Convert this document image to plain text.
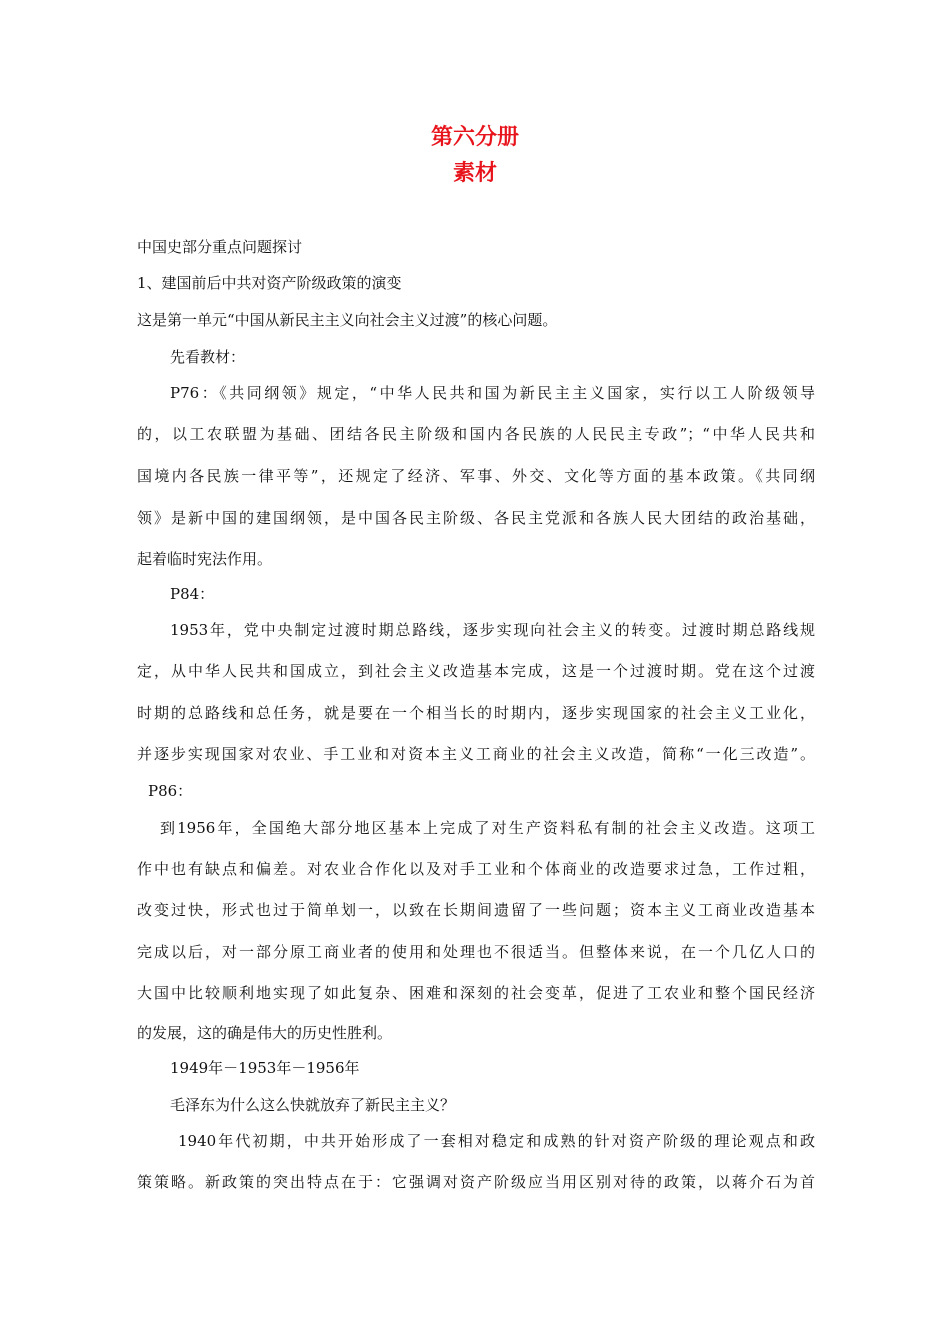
第六分册
素材
中国史部分重点问题探讨
1、建国前后中共对资产阶级政策的演变
这是第一单元“中国从新民主主义向社会主义过渡”的核心问题。
先看教材：
P76：《共同纲领》规定，“中华人民共和国为新民主主义国家，实行以工人阶级领导
的，以工农联盟为基础、团结各民主阶级和国内各民族的人民民主专政”；“中华人民共和
国境内各民族一律平等”，还规定了经济、军事、外交、文化等方面的基本政策。《共同纲
领》是新中国的建国纲领，是中国各民主阶级、各民主党派和各族人民大团结的政治基础，
起着临时宪法作用。
P84：
1953年，党中央制定过渡时期总路线，逐步实现向社会主义的转变。过渡时期总路线规
定，从中华人民共和国成立，到社会主义改造基本完成，这是一个过渡时期。党在这个过渡
时期的总路线和总任务，就是要在一个相当长的时期内，逐步实现国家的社会主义工业化，
并逐步实现国家对农业、手工业和对资本主义工商业的社会主义改造，简称“一化三改造”。
P86：
到1956年，全国绝大部分地区基本上完成了对生产资料私有制的社会主义改造。这项工
作中也有缺点和偏差。对农业合作化以及对手工业和个体商业的改造要求过急，工作过粗，
改变过快，形式也过于简单划一，以致在长期间遗留了一些问题；资本主义工商业改造基本
完成以后，对一部分原工商业者的使用和处理也不很适当。但整体来说，在一个几亿人口的
大国中比较顺利地实现了如此复杂、困难和深刻的社会变革，促进了工农业和整个国民经济
的发展，这的确是伟大的历史性胜利。
1949年－1953年－1956年
毛泽东为什么这么快就放弃了新民主主义？
1940年代初期，中共开始形成了一套相对稳定和成熟的针对资产阶级的理论观点和政
策策略。新政策的突出特点在于：它强调对资产阶级应当用区别对待的政策，以蒋介石为首
